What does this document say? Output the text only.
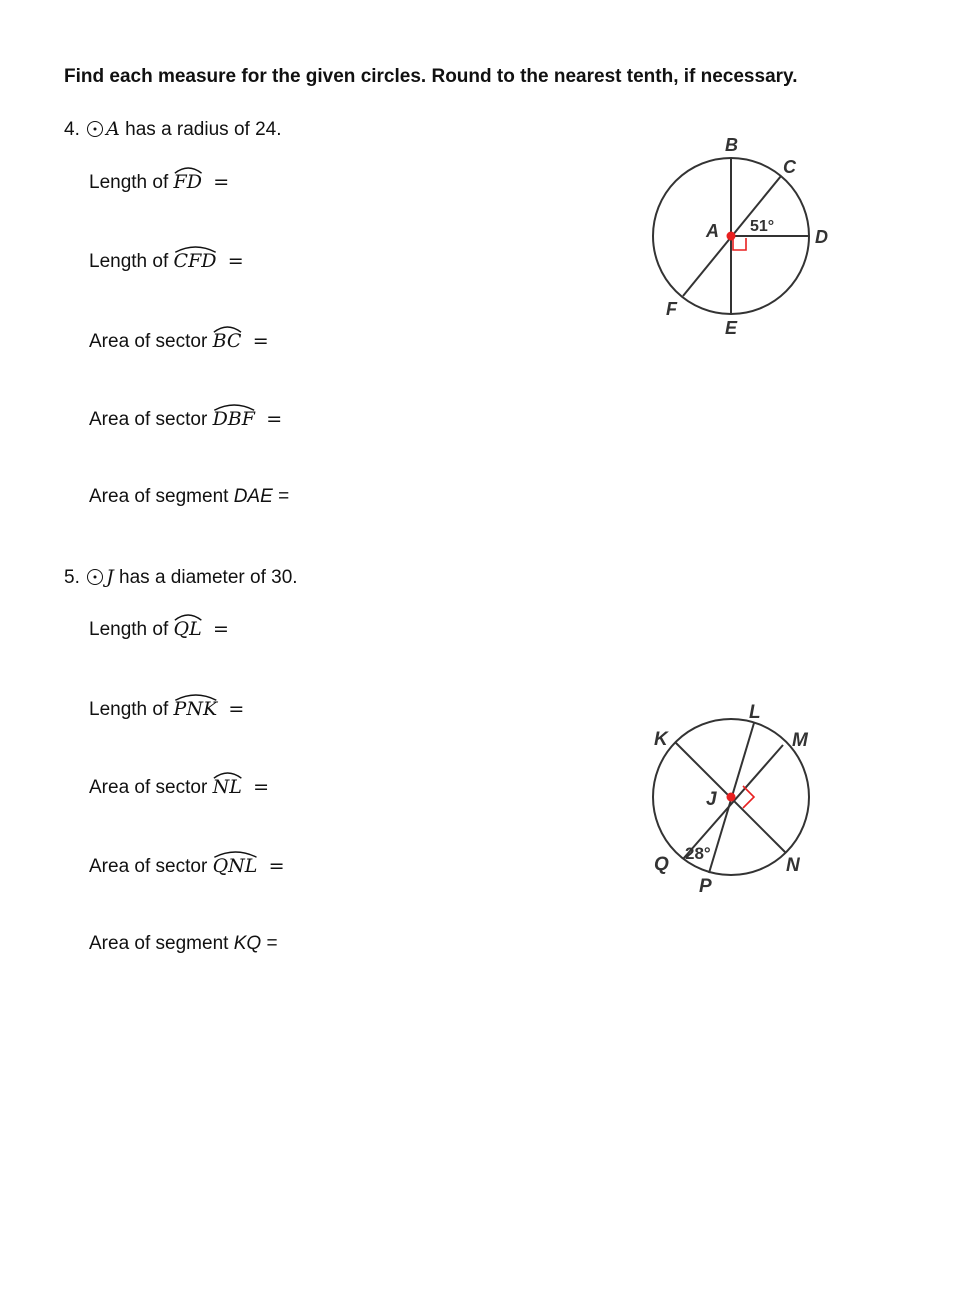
Find each measure for the given circles. Round to the nearest tenth, if necessary.
4. A has a radius of 24.
Length of FD =
Length of CFD =
Area of sector BC =
Area of sector DBF =
Area of segment DAE =
B
C
A	D
F
E
51°
5. J has a diameter of 30.
Length of QL =
Length of PNK =
Area of sector NL =
Area of sector QNL =
Area of segment KQ =
K
L
M
J
Q
P
N
28°
